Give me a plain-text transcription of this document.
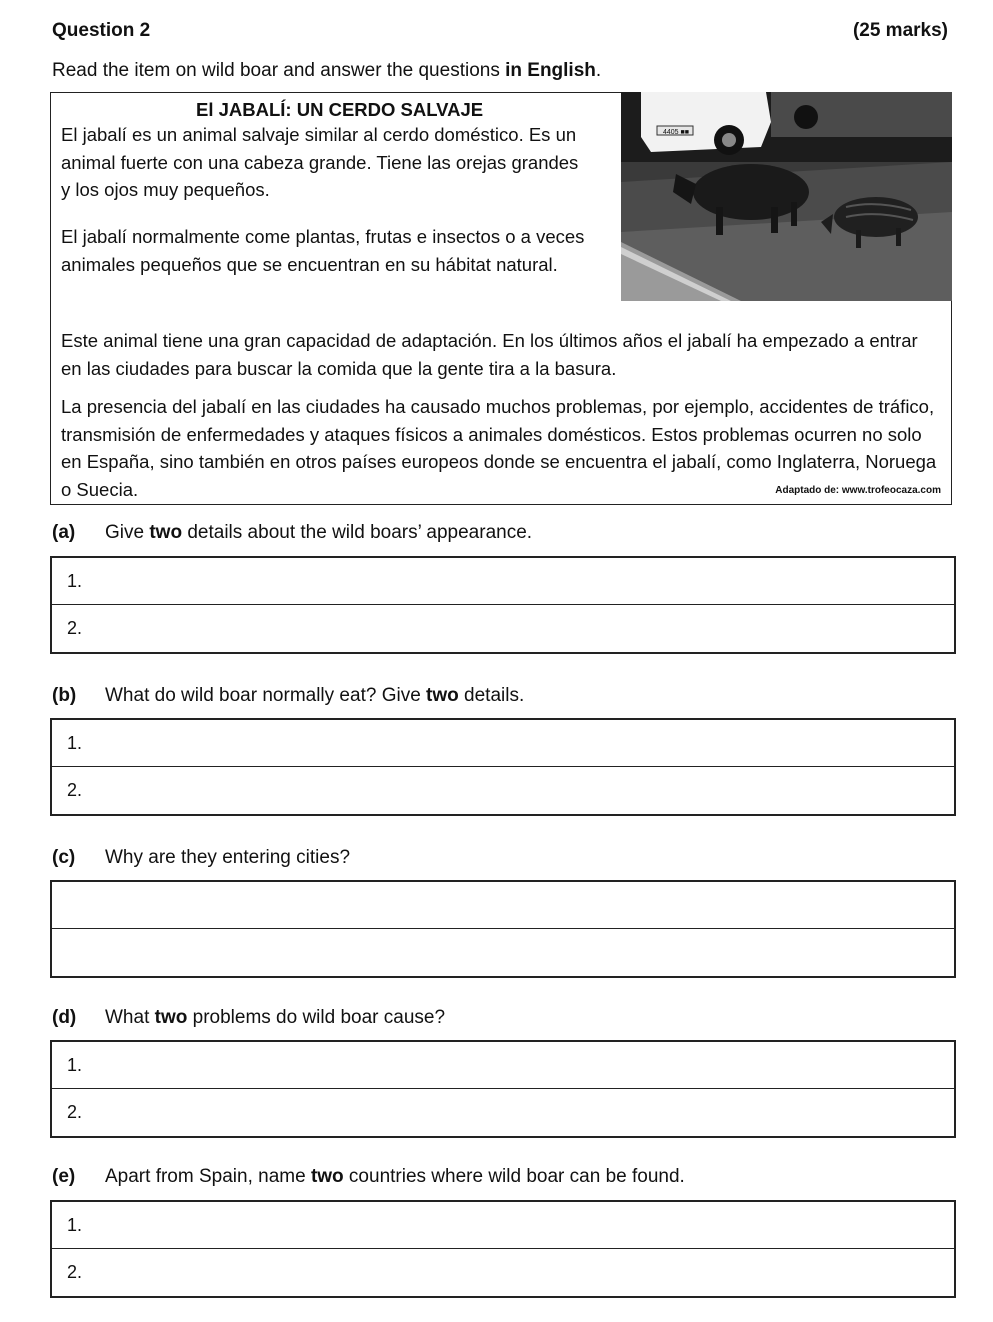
Question 2	(25 marks)
Read the item on wild boar and answer the questions in English.
El JABALÍ: UN CERDO SALVAJE
El jabalí es un animal salvaje similar al cerdo doméstico. Es un animal fuerte con una cabeza grande. Tiene las orejas grandes y los ojos muy pequeños.
El jabalí normalmente come plantas, frutas e insectos o a veces animales pequeños que se encuentran en su hábitat natural.
Este animal tiene una gran capacidad de adaptación. En los últimos años el jabalí ha empezado a entrar en las ciudades para buscar la comida que la gente tira a la basura.
La presencia del jabalí en las ciudades ha causado muchos problemas, por ejemplo, accidentes de tráfico, transmisión de enfermedades y ataques físicos a animales domésticos. Estos problemas ocurren no solo en España, sino también en otros países europeos donde se encuentra el jabalí, como Inglaterra, Noruega o Suecia.	Adaptado de: www.trofeocaza.com
4405 ■■
(a) Give two details about the wild boars’ appearance.
1.
2.
(b) What do wild boar normally eat? Give two details.
1.
2.
(c) Why are they entering cities?
(d) What two problems do wild boar cause?
1.
2.
(e) Apart from Spain, name two countries where wild boar can be found.
1.
2.
